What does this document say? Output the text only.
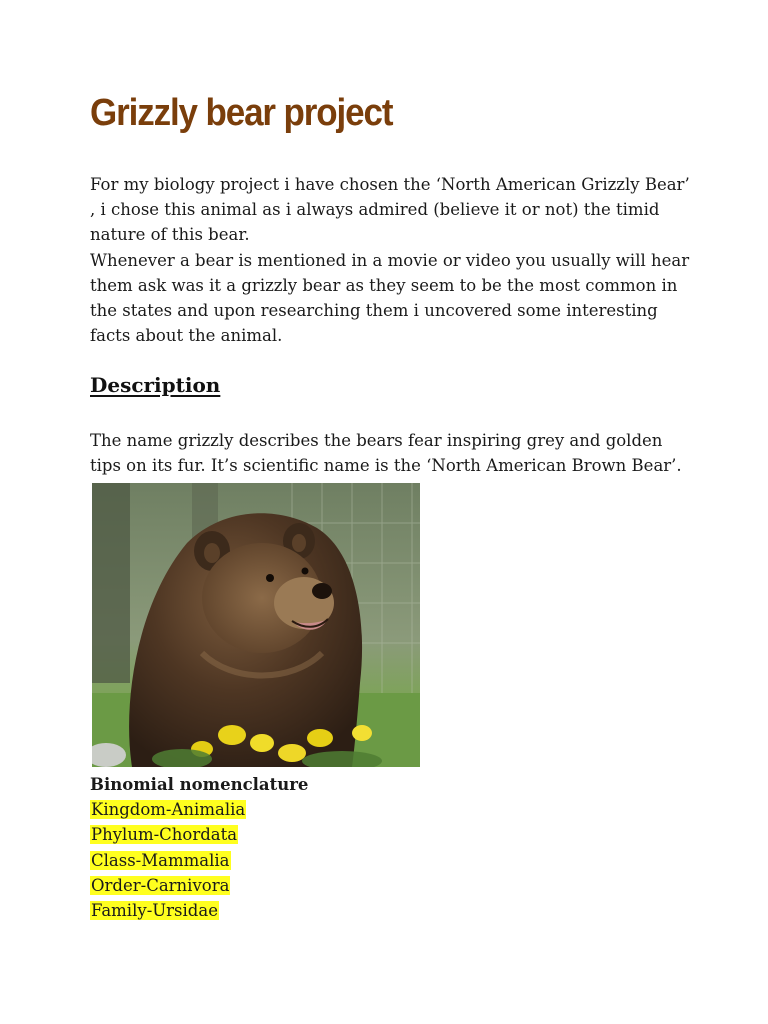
Grizzly bear project

For my biology project i have chosen the ‘North American Grizzly Bear’ , i chose this animal as i always admired (believe it or not) the timid nature of this bear.

Whenever a bear is mentioned in a movie or video you usually will hear them ask was it a grizzly bear as they seem to be the most common in the states and upon researching them i uncovered some interesting facts about the animal.

Description

The name grizzly describes the bears fear inspiring grey and golden tips on its fur. It’s scientific name is the ‘North American Brown Bear’.

Binomial nomenclature
Kingdom-Animalia
Phylum-Chordata
Class-Mammalia
Order-Carnivora
Family-Ursidae
